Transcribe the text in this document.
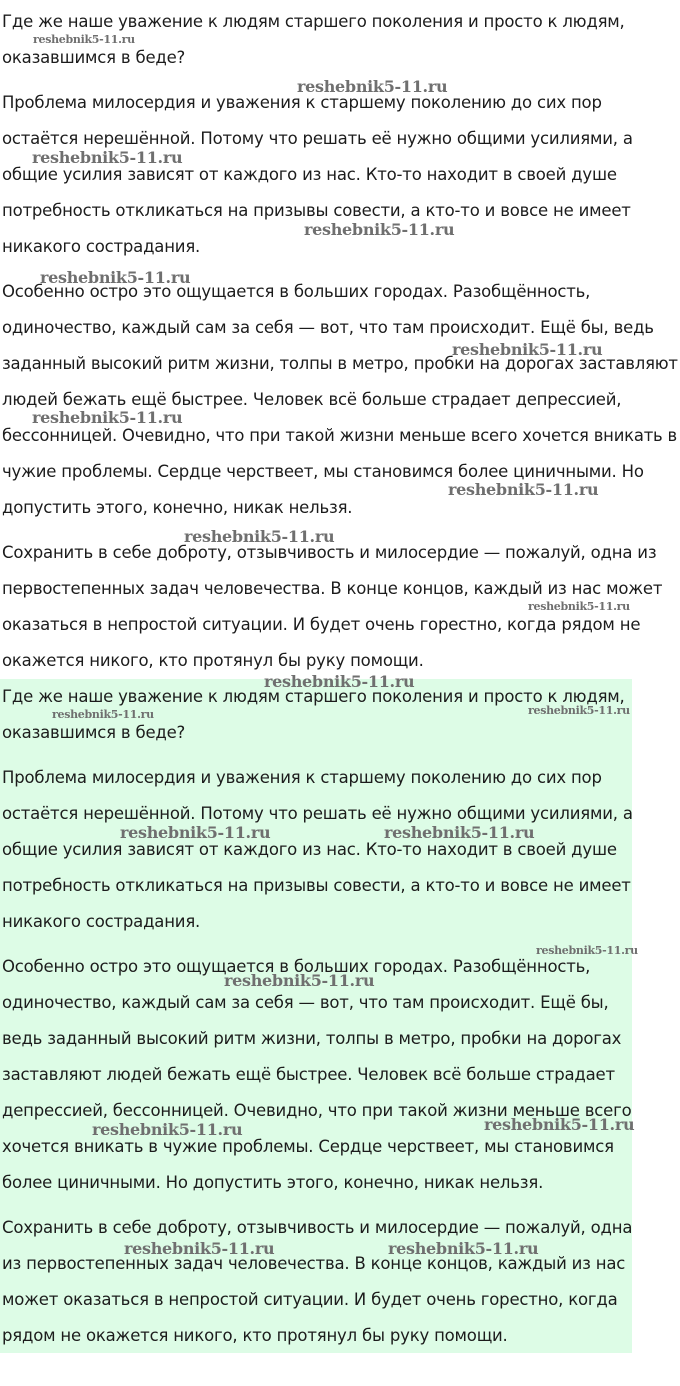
Где же наше уважение к людям старшего поколения и просто к людям,

оказавшимся в беде?

Проблема милосердия и уважения к старшему поколению до сих пор

остаётся нерешённой. Потому что решать её нужно общими усилиями, а

общие усилия зависят от каждого из нас. Кто-то находит в своей душе

потребность откликаться на призывы совести, а кто-то и вовсе не имеет

никакого сострадания.

Особенно остро это ощущается в больших городах. Разобщённость,

одиночество, каждый сам за себя — вот, что там происходит. Ещё бы, ведь

заданный высокий ритм жизни, толпы в метро, пробки на дорогах заставляют

людей бежать ещё быстрее. Человек всё больше страдает депрессией,

бессонницей. Очевидно, что при такой жизни меньше всего хочется вникать в

чужие проблемы. Сердце черствеет, мы становимся более циничными. Но

допустить этого, конечно, никак нельзя.

Сохранить в себе доброту, отзывчивость и милосердие — пожалуй, одна из

первостепенных задач человечества. В конце концов, каждый из нас может

оказаться в непростой ситуации. И будет очень горестно, когда рядом не

окажется никого, кто протянул бы руку помощи.

Где же наше уважение к людям старшего поколения и просто к людям,

оказавшимся в беде?

Проблема милосердия и уважения к старшему поколению до сих пор

остаётся нерешённой. Потому что решать её нужно общими усилиями, а

общие усилия зависят от каждого из нас. Кто-то находит в своей душе

потребность откликаться на призывы совести, а кто-то и вовсе не имеет

никакого сострадания.

Особенно остро это ощущается в больших городах. Разобщённость,

одиночество, каждый сам за себя — вот, что там происходит. Ещё бы,

ведь заданный высокий ритм жизни, толпы в метро, пробки на дорогах

заставляют людей бежать ещё быстрее. Человек всё больше страдает

депрессией, бессонницей. Очевидно, что при такой жизни меньше всего

хочется вникать в чужие проблемы. Сердце черствеет, мы становимся

более циничными. Но допустить этого, конечно, никак нельзя.

Сохранить в себе доброту, отзывчивость и милосердие — пожалуй, одна

из первостепенных задач человечества. В конце концов, каждый из нас

может оказаться в непростой ситуации. И будет очень горестно, когда

рядом не окажется никого, кто протянул бы руку помощи.

reshebnik5-11.ru
reshebnik5-11.ru
reshebnik5-11.ru
reshebnik5-11.ru
reshebnik5-11.ru
reshebnik5-11.ru
reshebnik5-11.ru
reshebnik5-11.ru
reshebnik5-11.ru
reshebnik5-11.ru
reshebnik5-11.ru
reshebnik5-11.ru	reshebnik5-11.ru
reshebnik5-11.ru	reshebnik5-11.ru
reshebnik5-11.ru
reshebnik5-11.ru
reshebnik5-11.ru	reshebnik5-11.ru
reshebnik5-11.ru	reshebnik5-11.ru
